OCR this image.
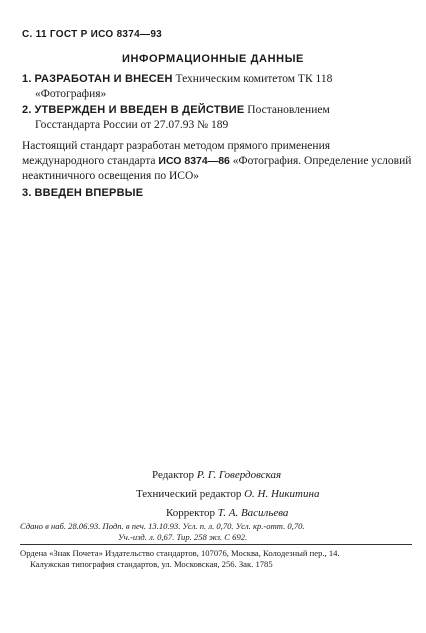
С. 11 ГОСТ Р ИСО 8374—93
ИНФОРМАЦИОННЫЕ ДАННЫЕ
1. РАЗРАБОТАН И ВНЕСЕН Техническим комитетом ТК 118
«Фотография»
2. УТВЕРЖДЕН И ВВЕДЕН В ДЕЙСТВИЕ Постановлением
Госстандарта России от 27.07.93 № 189
Настоящий стандарт разработан методом прямого применения международного стандарта ИСО 8374—86 «Фотография. Определение условий неактиничного освещения по ИСО»
3. ВВЕДЕН ВПЕРВЫЕ
Редактор Р. Г. Говердовская
Технический редактор О. Н. Никитина
Корректор Т. А. Васильева
Сдано в наб. 28.06.93. Подп. в печ. 13.10.93. Усл. п. л. 0,70. Усл. кр.-отт. 0,70.
Уч.-изд. л. 0,67. Тир. 258 экз. С 692.
Ордена «Знак Почета» Издательство стандартов, 107076, Москва, Колодезный пер., 14.
Калужская типография стандартов, ул. Московская, 256. Зак. 1785
